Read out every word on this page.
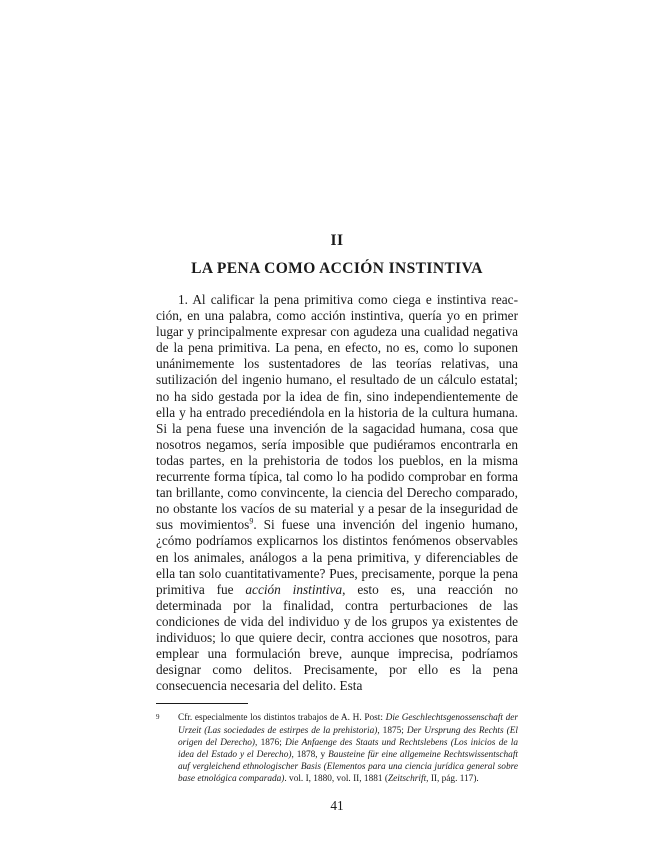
II
LA PENA COMO ACCIÓN INSTINTIVA

1. Al calificar la pena primitiva como ciega e instintiva reacción, en una palabra, como acción instintiva, quería yo en primer lugar y principalmente expresar con agudeza una cualidad negativa de la pena primitiva. La pena, en efecto, no es, como lo suponen unánimemente los sustentadores de las teorías relativas, una sutilización del ingenio humano, el resultado de un cálculo estatal; no ha sido gestada por la idea de fin, sino independientemente de ella y ha entrado precediéndola en la historia de la cultura humana. Si la pena fuese una invención de la sagacidad humana, cosa que nosotros negamos, sería imposible que pudiéramos encontrarla en todas partes, en la prehistoria de todos los pueblos, en la misma recurrente forma típica, tal como lo ha podido comprobar en forma tan brillante, como convincente, la ciencia del Derecho comparado, no obstante los vacíos de su material y a pesar de la inseguridad de sus movimientos$^9$. Si fuese una invención del ingenio humano, ¿cómo podríamos explicarnos los distintos fenómenos observables en los animales, análogos a la pena primitiva, y diferenciables de ella tan solo cuantitativamente? Pues, precisamente, porque la pena primitiva fue acción instintiva, esto es, una reacción no determinada por la finalidad, contra perturbaciones de las condiciones de vida del individuo y de los grupos ya existentes de individuos; lo que quiere decir, contra acciones que nosotros, para emplear una formulación breve, aunque imprecisa, podríamos designar como delitos. Precisamente, por ello es la pena consecuencia necesaria del delito. Esta

9 Cfr. especialmente los distintos trabajos de A. H. Post: Die Geschlechtsgenossenschaft der Urzeit (Las sociedades de estirpes de la prehistoria), 1875; Der Ursprung des Rechts (El origen del Derecho), 1876; Die Anfaenge des Staats und Rechtslebens (Los inicios de la idea del Estado y el Derecho), 1878, y Bausteine für eine allgemeine Rechtswissentschaft auf vergleichend ethnologischer Basis (Elementos para una ciencia jurídica general sobre base etnológica comparada). vol. I, 1880, vol. II, 1881 (Zeitschrift, II, pág. 117).

41
